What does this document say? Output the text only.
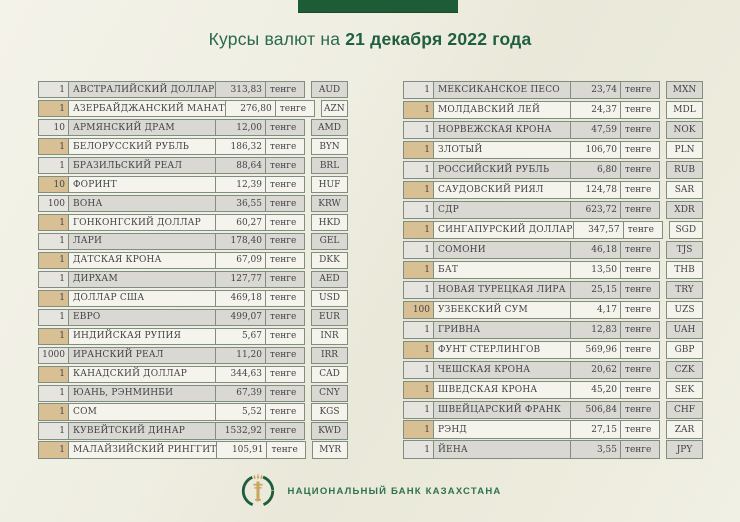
Курсы валют на 21 декабря 2022 года
1 АВСТРАЛИЙСКИЙ ДОЛЛАР	313,83 тенге	AUD
1 АЗЕРБАЙДЖАНСКИЙ МАНАТ	276,80 тенге	AZN
10 АРМЯНСКИЙ ДРАМ	12,00 тенге	AMD
1 БЕЛОРУССКИЙ РУБЛЬ	186,32 тенге	BYN
1 БРАЗИЛЬСКИЙ РЕАЛ	88,64 тенге	BRL
10 ФОРИНТ	12,39 тенге	HUF
100 ВОНА	36,55 тенге	KRW
1 ГОНКОНГСКИЙ ДОЛЛАР	60,27 тенге	HKD
1 ЛАРИ	178,40 тенге	GEL
1 ДАТСКАЯ КРОНА	67,09 тенге	DKK
1 ДИРХАМ	127,77 тенге	AED
1 ДОЛЛАР США	469,18 тенге	USD
1 ЕВРО	499,07 тенге	EUR
1 ИНДИЙСКАЯ РУПИЯ	5,67 тенге	INR
1000 ИРАНСКИЙ РЕАЛ	11,20 тенге	IRR
1 КАНАДСКИЙ ДОЛЛАР	344,63 тенге	CAD
1 ЮАНЬ, РЭНМИНБИ	67,39 тенге	CNY
1 СОМ	5,52 тенге	KGS
1 КУВЕЙТСКИЙ ДИНАР	1532,92 тенге	KWD
1 МАЛАЙЗИЙСКИЙ РИНГГИТ	105,91 тенге	MYR
1 МЕКСИКАНСКОЕ ПЕСО	23,74 тенге	MXN
1 МОЛДАВСКИЙ ЛЕЙ	24,37 тенге	MDL
1 НОРВЕЖСКАЯ КРОНА	47,59 тенге	NOK
1 ЗЛОТЫЙ	106,70 тенге	PLN
1 РОССИЙСКИЙ РУБЛЬ	6,80 тенге	RUB
1 САУДОВСКИЙ РИЯЛ	124,78 тенге	SAR
1 СДР	623,72 тенге	XDR
1 СИНГАПУРСКИЙ ДОЛЛАР	347,57 тенге	SGD
1 СОМОНИ	46,18 тенге	TJS
1 БАТ	13,50 тенге	THB
1 НОВАЯ ТУРЕЦКАЯ ЛИРА	25,15 тенге	TRY
100 УЗБЕКСКИЙ СУМ	4,17 тенге	UZS
1 ГРИВНА	12,83 тенге	UAH
1 ФУНТ СТЕРЛИНГОВ	569,96 тенге	GBP
1 ЧЕШСКАЯ КРОНА	20,62 тенге	CZK
1 ШВЕДСКАЯ КРОНА	45,20 тенге	SEK
1 ШВЕЙЦАРСКИЙ ФРАНК	506,84 тенге	CHF
1 РЭНД	27,15 тенге	ZAR
1 ЙЕНА	3,55 тенге	JPY
НАЦИОНАЛЬНЫЙ БАНК КАЗАХСТАНА
